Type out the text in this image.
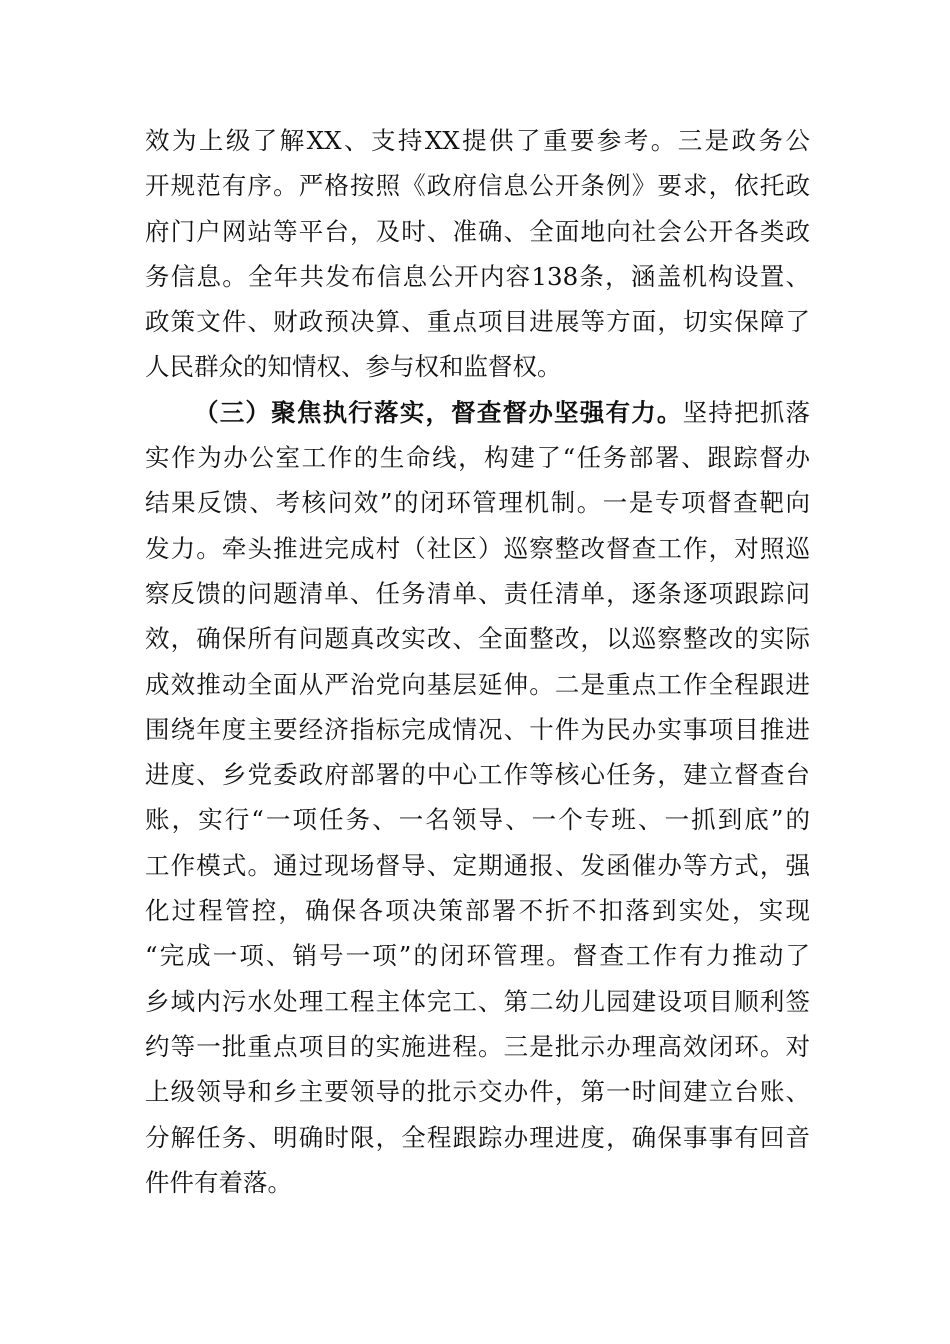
效为上级了解XX、支持XX提供了重要参考。三是政务公
开规范有序。严格按照《政府信息公开条例》要求，依托政
府门户网站等平台，及时、准确、全面地向社会公开各类政
务信息。全年共发布信息公开内容138条，涵盖机构设置、
政策文件、财政预决算、重点项目进展等方面，切实保障了
人民群众的知情权、参与权和监督权。
（三）聚焦执行落实，督查督办坚强有力。坚持把抓落
实作为办公室工作的生命线，构建了“任务部署、跟踪督办
结果反馈、考核问效”的闭环管理机制。一是专项督查靶向
发力。牵头推进完成村（社区）巡察整改督查工作，对照巡
察反馈的问题清单、任务清单、责任清单，逐条逐项跟踪问
效，确保所有问题真改实改、全面整改，以巡察整改的实际
成效推动全面从严治党向基层延伸。二是重点工作全程跟进
围绕年度主要经济指标完成情况、十件为民办实事项目推进
进度、乡党委政府部署的中心工作等核心任务，建立督查台
账，实行“一项任务、一名领导、一个专班、一抓到底”的
工作模式。通过现场督导、定期通报、发函催办等方式，强
化过程管控，确保各项决策部署不折不扣落到实处，实现
“完成一项、销号一项”的闭环管理。督查工作有力推动了
乡域内污水处理工程主体完工、第二幼儿园建设项目顺利签
约等一批重点项目的实施进程。三是批示办理高效闭环。对
上级领导和乡主要领导的批示交办件，第一时间建立台账、
分解任务、明确时限，全程跟踪办理进度，确保事事有回音
件件有着落。
